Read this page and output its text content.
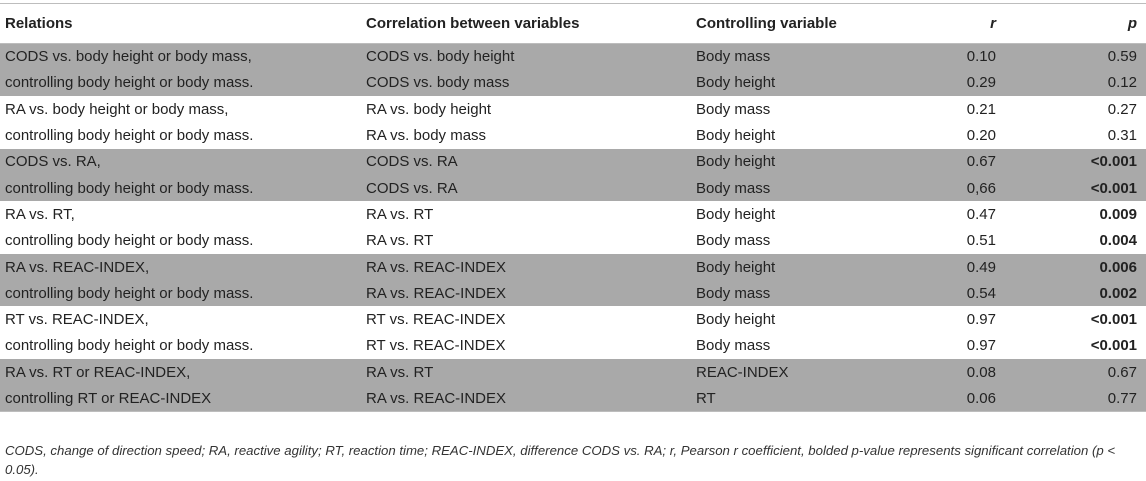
Relations	Correlation between variables	Controlling variable	r	p
CODS vs. body height or body mass,	CODS vs. body height	Body mass	0.10	0.59
controlling body height or body mass.	CODS vs. body mass	Body height	0.29	0.12
RA vs. body height or body mass,	RA vs. body height	Body mass	0.21	0.27
controlling body height or body mass.	RA vs. body mass	Body height	0.20	0.31
CODS vs. RA,	CODS vs. RA	Body height	0.67	<0.001
controlling body height or body mass.	CODS vs. RA	Body mass	0,66	<0.001
RA vs. RT,	RA vs. RT	Body height	0.47	0.009
controlling body height or body mass.	RA vs. RT	Body mass	0.51	0.004
RA vs. REAC-INDEX,	RA vs. REAC-INDEX	Body height	0.49	0.006
controlling body height or body mass.	RA vs. REAC-INDEX	Body mass	0.54	0.002
RT vs. REAC-INDEX,	RT vs. REAC-INDEX	Body height	0.97	<0.001
controlling body height or body mass.	RT vs. REAC-INDEX	Body mass	0.97	<0.001
RA vs. RT or REAC-INDEX,	RA vs. RT	REAC-INDEX	0.08	0.67
controlling RT or REAC-INDEX	RA vs. REAC-INDEX	RT	0.06	0.77

CODS, change of direction speed; RA, reactive agility; RT, reaction time; REAC-INDEX, difference CODS vs. RA; r, Pearson r coefficient, bolded p-value represents significant correlation (p < 0.05).
